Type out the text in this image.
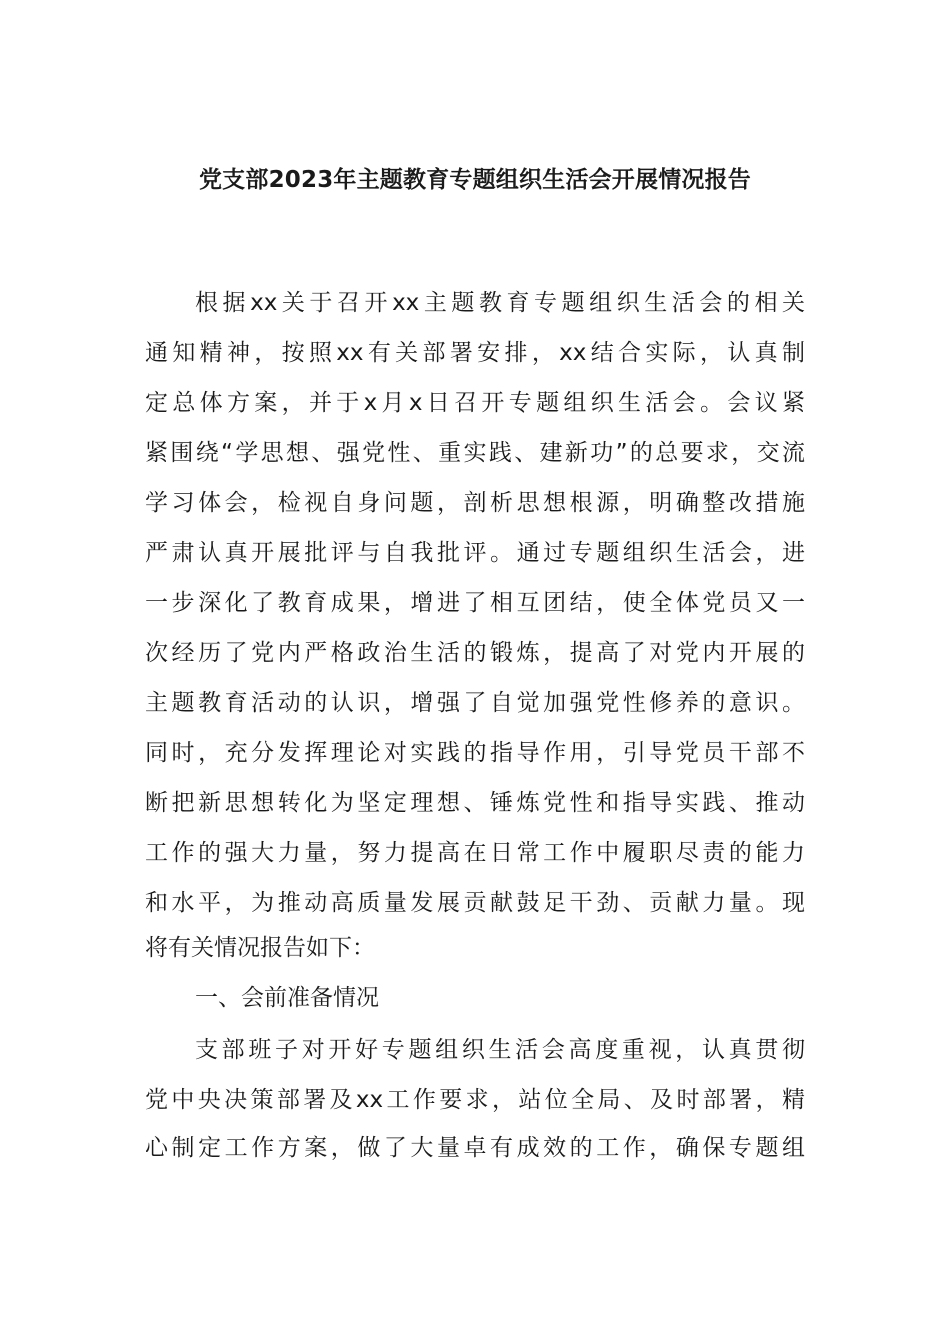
党支部2023年主题教育专题组织生活会开展情况报告
根据xx关于召开xx主题教育专题组织生活会的相关
通知精神，按照xx有关部署安排，xx结合实际，认真制
定总体方案，并于x月x日召开专题组织生活会。会议紧
紧围绕“学思想、强党性、重实践、建新功”的总要求，交流
学习体会，检视自身问题，剖析思想根源，明确整改措施
严肃认真开展批评与自我批评。通过专题组织生活会，进
一步深化了教育成果，增进了相互团结，使全体党员又一
次经历了党内严格政治生活的锻炼，提高了对党内开展的
主题教育活动的认识，增强了自觉加强党性修养的意识。
同时，充分发挥理论对实践的指导作用，引导党员干部不
断把新思想转化为坚定理想、锤炼党性和指导实践、推动
工作的强大力量，努力提高在日常工作中履职尽责的能力
和水平，为推动高质量发展贡献鼓足干劲、贡献力量。现
将有关情况报告如下：
一、会前准备情况
支部班子对开好专题组织生活会高度重视，认真贯彻
党中央决策部署及xx工作要求，站位全局、及时部署，精
心制定工作方案，做了大量卓有成效的工作，确保专题组
